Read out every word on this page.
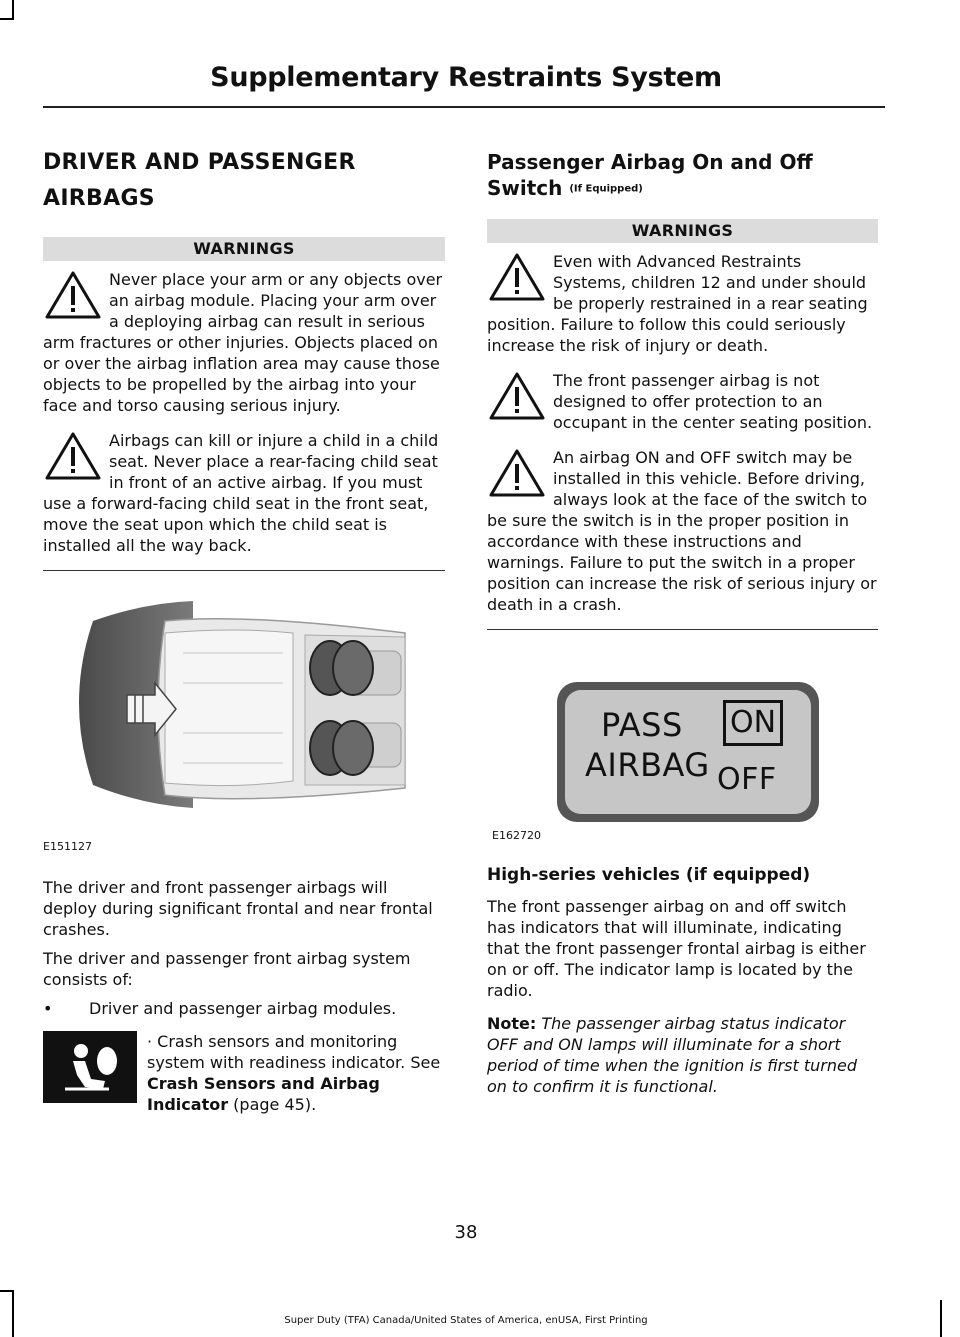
Supplementary Restraints System
DRIVER AND PASSENGER
AIRBAGS
WARNINGS
Never place your arm or any objects over an airbag module. Placing your arm over a deploying airbag can result in serious arm fractures or other injuries. Objects placed on or over the airbag inflation area may cause those objects to be propelled by the airbag into your face and torso causing serious injury.
Airbags can kill or injure a child in a child seat. Never place a rear-facing child seat in front of an active airbag. If you must use a forward-facing child seat in the front seat, move the seat upon which the child seat is installed all the way back.
E151127

The driver and front passenger airbags will deploy during significant frontal and near frontal crashes.

The driver and passenger front airbag system consists of:

• Driver and passenger airbag modules.

· Crash sensors and monitoring system with readiness indicator. See Crash Sensors and Airbag Indicator (page 45).
Passenger Airbag On and Off Switch (If Equipped)
WARNINGS
Even with Advanced Restraints Systems, children 12 and under should be properly restrained in a rear seating position. Failure to follow this could seriously increase the risk of injury or death.
The front passenger airbag is not designed to offer protection to an occupant in the center seating position.
An airbag ON and OFF switch may be installed in this vehicle. Before driving, always look at the face of the switch to be sure the switch is in the proper position in accordance with these instructions and warnings. Failure to put the switch in a proper position can increase the risk of serious injury or death in a crash.
PASS
AIRBAG
ON
OFF
E162720

High-series vehicles (if equipped)

The front passenger airbag on and off switch has indicators that will illuminate, indicating that the front passenger frontal airbag is either on or off. The indicator lamp is located by the radio.

Note: The passenger airbag status indicator OFF and ON lamps will illuminate for a short period of time when the ignition is first turned on to confirm it is functional.

38
Super Duty (TFA) Canada/United States of America, enUSA, First Printing
